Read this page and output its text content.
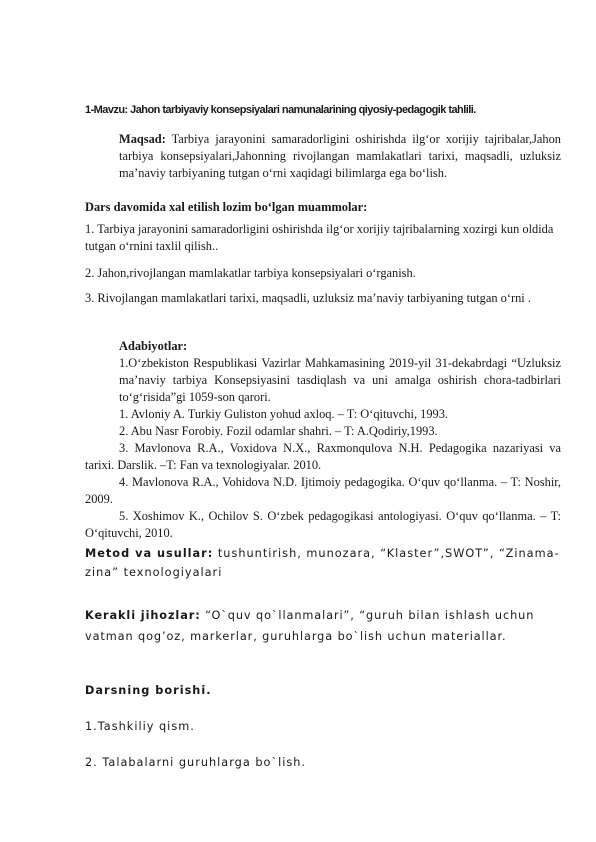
1-Mavzu: Jahon tarbiyaviy konsepsiyalari namunalarining qiyosiy-pedagogik tahlili.
Maqsad: Tarbiya jarayonini samaradorligini oshirishda ilg‘or xorijiy tajribalar,Jahon tarbiya konsepsiyalari,Jahonning rivojlangan mamlakatlari tarixi, maqsadli, uzluksiz ma’naviy tarbiyaning tutgan o‘rni xaqidagi bilimlarga ega bo‘lish.
Dars davomida xal etilish lozim bo‘lgan muammolar:
1. Tarbiya jarayonini samaradorligini oshirishda ilg‘or xorijiy tajribalarning xozirgi kun oldida tutgan o‘rnini taxlil qilish..
2. Jahon,rivojlangan mamlakatlar tarbiya konsepsiyalari o‘rganish.
3. Rivojlangan mamlakatlari tarixi, maqsadli, uzluksiz ma’naviy tarbiyaning tutgan o‘rni .
Adabiyotlar:
1.O‘zbekiston Respublikasi Vazirlar Mahkamasining 2019-yil 31-dekabrdagi “Uzluksiz ma’naviy tarbiya Konsepsiyasini tasdiqlash va uni amalga oshirish chora-tadbirlari to‘g‘risida”gi 1059-son qarori.
1. Avloniy A. Turkiy Guliston yohud axloq. – T: O‘qituvchi, 1993.
2. Abu Nasr Forobiy. Fozil odamlar shahri. – T: A.Qodiriy,1993.
3. Mavlonova R.A., Voxidova N.X., Raxmonqulova N.H. Pedagogika nazariyasi va tarixi. Darslik. –T: Fan va texnologiyalar. 2010.
4. Mavlonova R.A., Vohidova N.D. Ijtimoiy pedagogika. O‘quv qo‘llanma. – T: Noshir, 2009.
5. Xoshimov K., Ochilov S. O‘zbek pedagogikasi antologiyasi. O‘quv qo‘llanma. – T: O‘qituvchi, 2010.
Metod va usullar: tushuntirish, munozara, “Klaster”,SWOT”, “Zinama-zina” texnologiyalari
Kerakli jihozlar: “O`quv qo`llanmalari”, “guruh bilan ishlash uchun vatman qog’oz, markerlar, guruhlarga bo`lish uchun materiallar.
Darsning borishi.
1.Tashkiliy qism.
2. Talabalarni guruhlarga bo`lish.
